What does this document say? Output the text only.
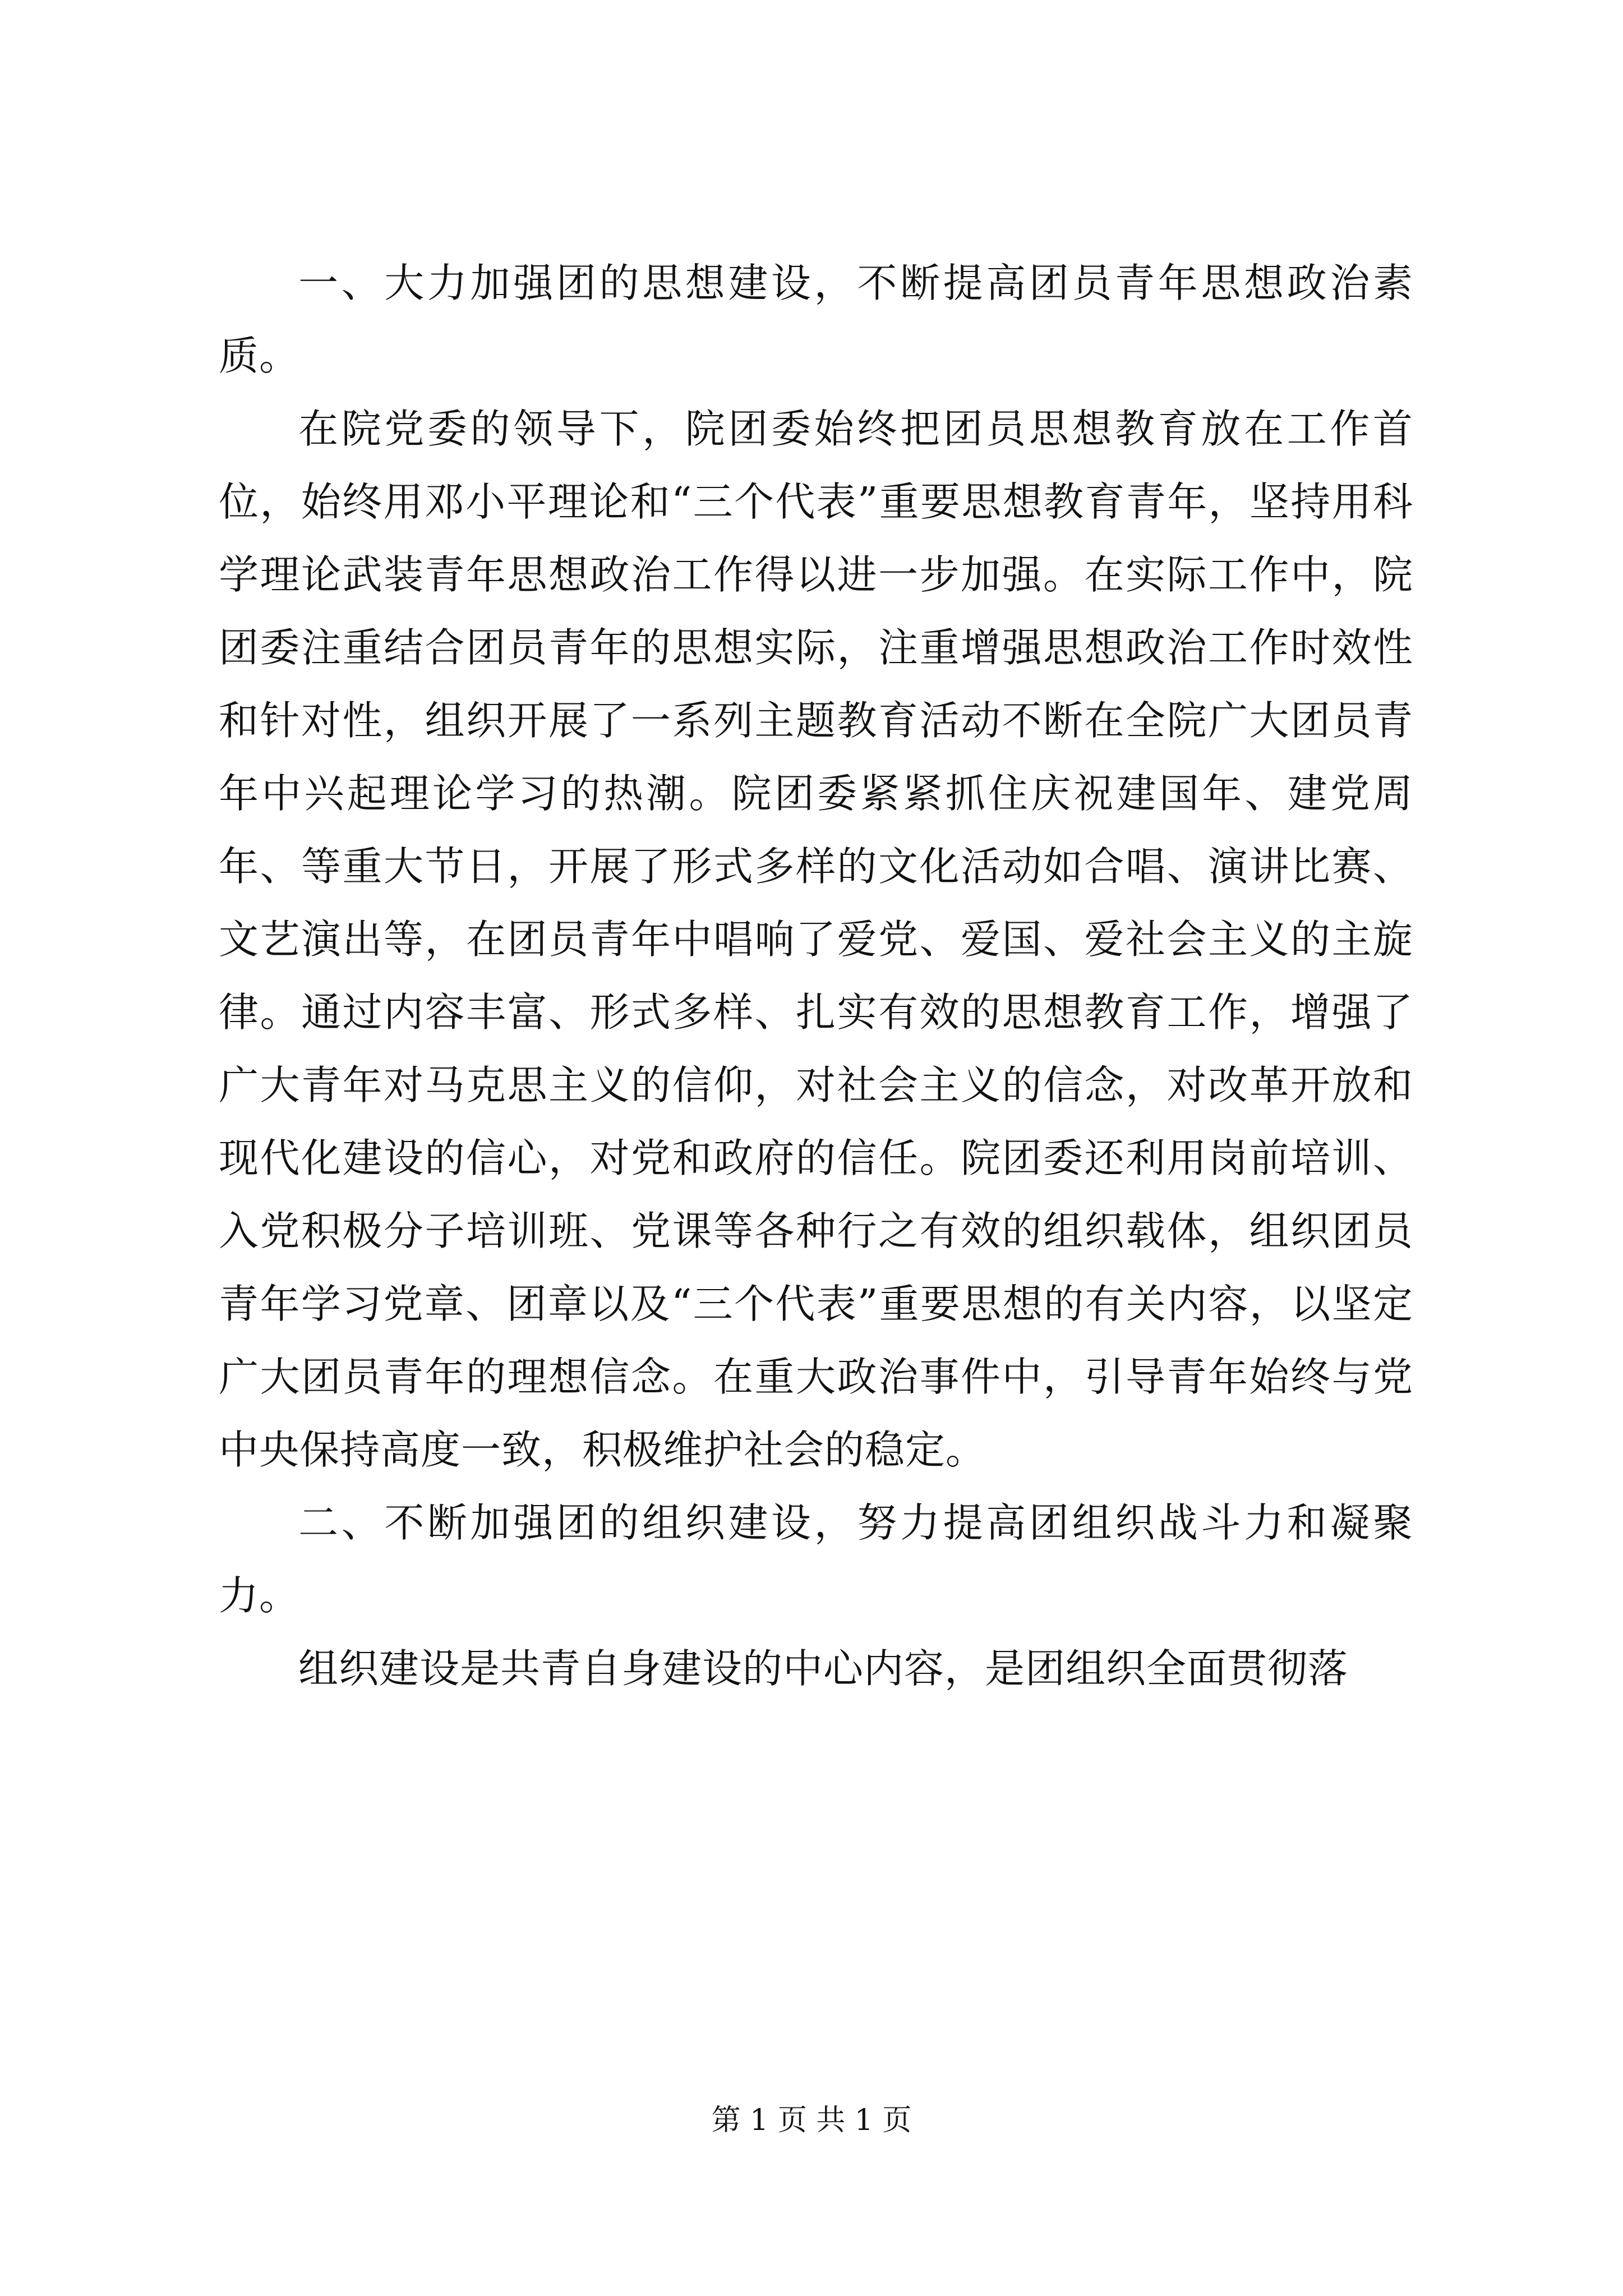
一、大力加强团的思想建设，不断提高团员青年思想政治素质。

在院党委的领导下，院团委始终把团员思想教育放在工作首位，始终用邓小平理论和“三个代表”重要思想教育青年，坚持用科学理论武装青年思想政治工作得以进一步加强。在实际工作中，院团委注重结合团员青年的思想实际，注重增强思想政治工作时效性和针对性，组织开展了一系列主题教育活动不断在全院广大团员青年中兴起理论学习的热潮。院团委紧紧抓住庆祝建国年、建党周年、等重大节日，开展了形式多样的文化活动如合唱、演讲比赛、文艺演出等，在团员青年中唱响了爱党、爱国、爱社会主义的主旋律。通过内容丰富、形式多样、扎实有效的思想教育工作，增强了广大青年对马克思主义的信仰，对社会主义的信念，对改革开放和现代化建设的信心，对党和政府的信任。院团委还利用岗前培训、入党积极分子培训班、党课等各种行之有效的组织载体，组织团员青年学习党章、团章以及“三个代表”重要思想的有关内容，以坚定广大团员青年的理想信念。在重大政治事件中，引导青年始终与党中央保持高度一致，积极维护社会的稳定。

二、不断加强团的组织建设，努力提高团组织战斗力和凝聚力。

组织建设是共青自身建设的中心内容，是团组织全面贯彻落

第 1 页 共 1 页
